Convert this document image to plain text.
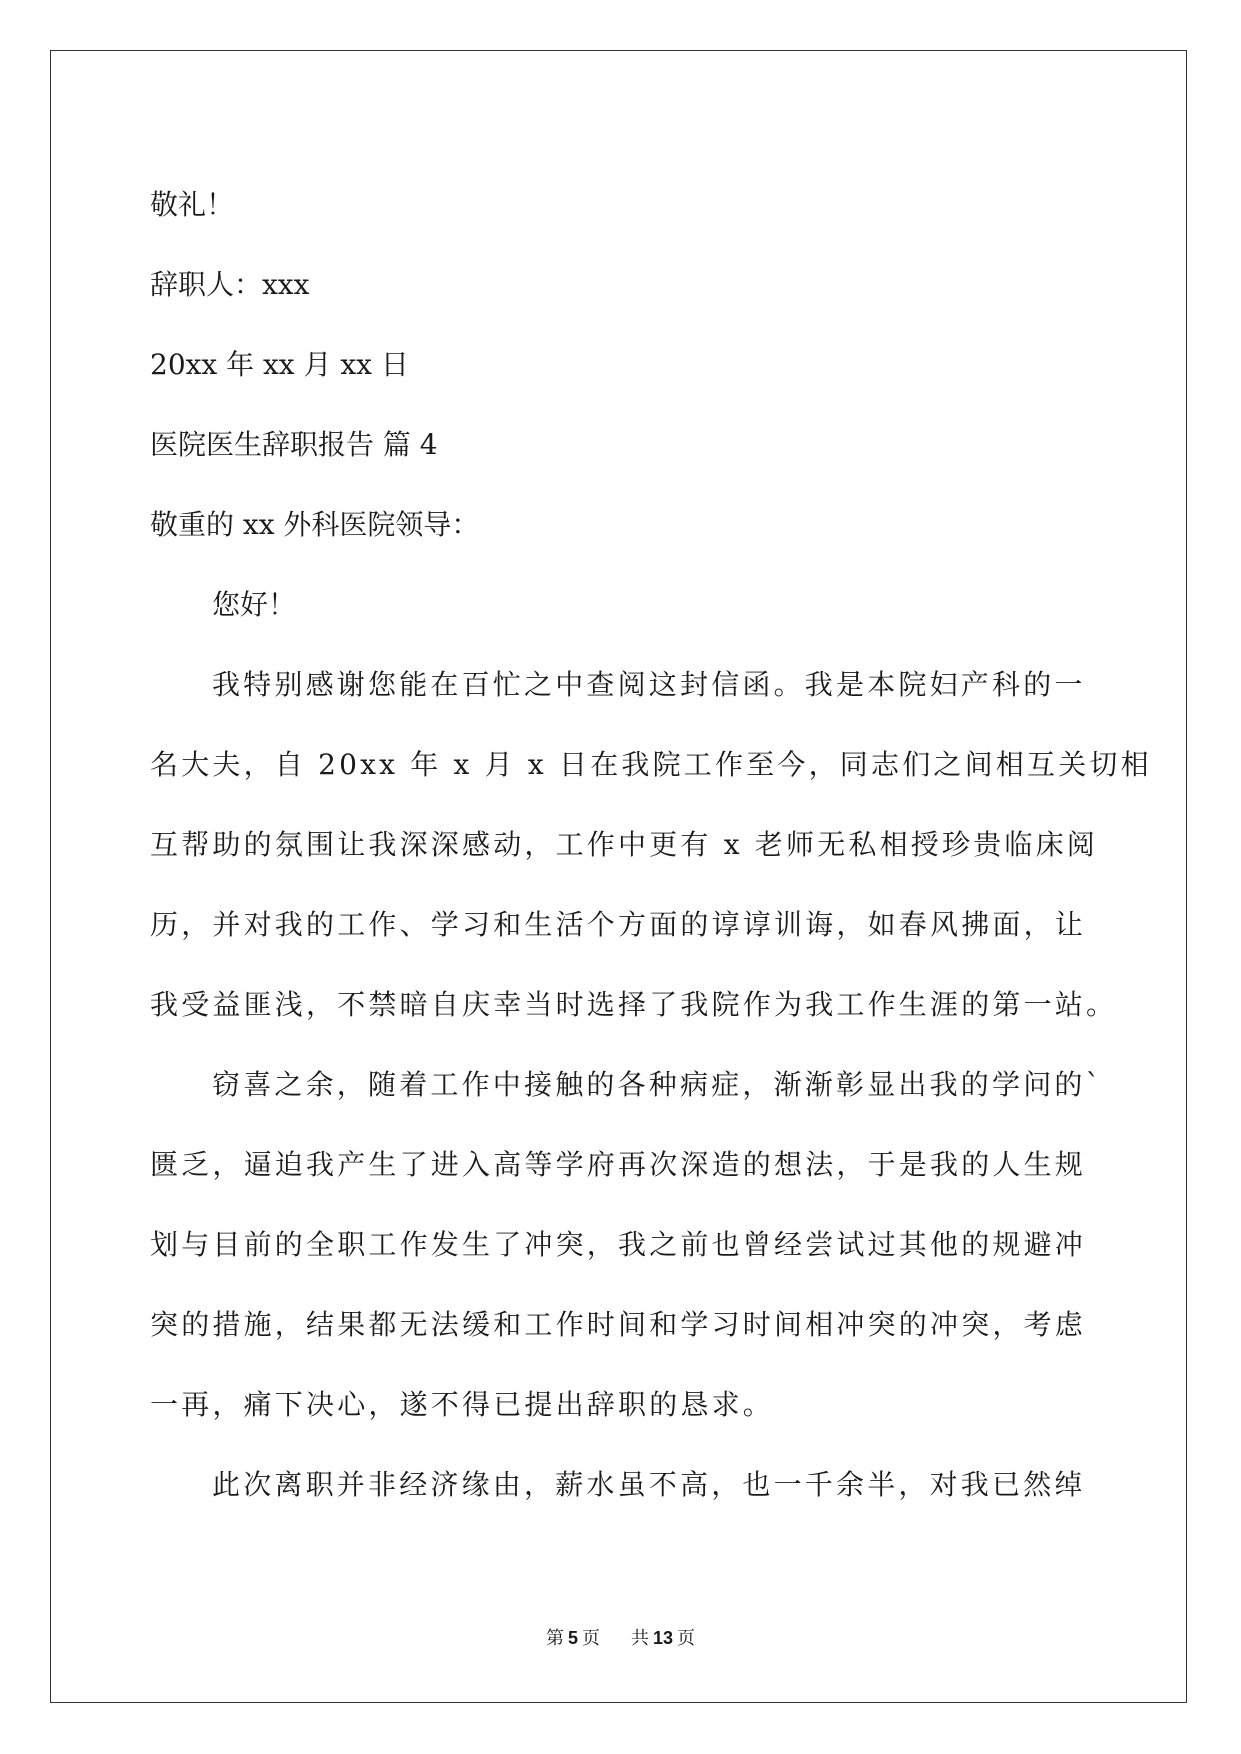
敬礼！

辞职人：xxx

20xx 年 xx 月 xx 日

医院医生辞职报告 篇 4

敬重的 xx 外科医院领导：

您好！

我特别感谢您能在百忙之中查阅这封信函。我是本院妇产科的一

名大夫，自 20xx 年 x 月 x 日在我院工作至今，同志们之间相互关切相

互帮助的氛围让我深深感动，工作中更有 x 老师无私相授珍贵临床阅

历，并对我的工作、学习和生活个方面的谆谆训诲，如春风拂面，让

我受益匪浅，不禁暗自庆幸当时选择了我院作为我工作生涯的第一站。

窃喜之余，随着工作中接触的各种病症，渐渐彰显出我的学问的`

匮乏，逼迫我产生了进入高等学府再次深造的想法，于是我的人生规

划与目前的全职工作发生了冲突，我之前也曾经尝试过其他的规避冲

突的措施，结果都无法缓和工作时间和学习时间相冲突的冲突，考虑

一再，痛下决心，遂不得已提出辞职的恳求。

此次离职并非经济缘由，薪水虽不高，也一千余半，对我已然绰

第 5 页 共 13 页
